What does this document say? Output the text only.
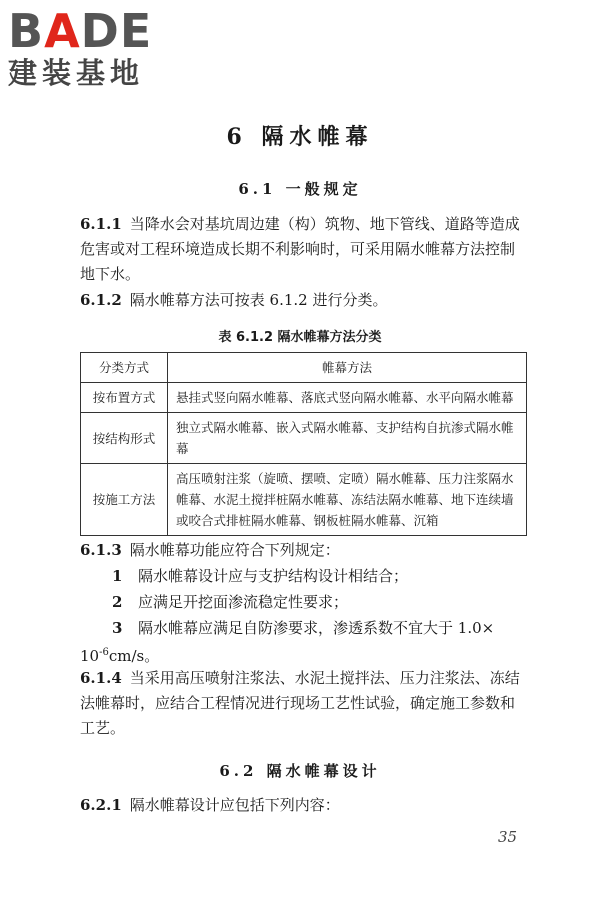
BADE
建装基地
6 隔水帷幕
6.1 一般规定
6.1.1 当降水会对基坑周边建（构）筑物、地下管线、道路等造成危害或对工程环境造成长期不利影响时，可采用隔水帷幕方法控制地下水。
6.1.2 隔水帷幕方法可按表 6.1.2 进行分类。
表 6.1.2 隔水帷幕方法分类
分类方式	帷幕方法
按布置方式	悬挂式竖向隔水帷幕、落底式竖向隔水帷幕、水平向隔水帷幕
按结构形式	独立式隔水帷幕、嵌入式隔水帷幕、支护结构自抗渗式隔水帷幕
按施工方法	高压喷射注浆（旋喷、摆喷、定喷）隔水帷幕、压力注浆隔水帷幕、水泥土搅拌桩隔水帷幕、冻结法隔水帷幕、地下连续墙或咬合式排桩隔水帷幕、钢板桩隔水帷幕、沉箱
6.1.3 隔水帷幕功能应符合下列规定：
1 隔水帷幕设计应与支护结构设计相结合；
2 应满足开挖面渗流稳定性要求；
3 隔水帷幕应满足自防渗要求，渗透系数不宜大于 1.0×
$10^{-6}cm/s$。
6.1.4 当采用高压喷射注浆法、水泥土搅拌法、压力注浆法、冻结法帷幕时，应结合工程情况进行现场工艺性试验，确定施工参数和工艺。
6.2 隔水帷幕设计
6.2.1 隔水帷幕设计应包括下列内容：
35
